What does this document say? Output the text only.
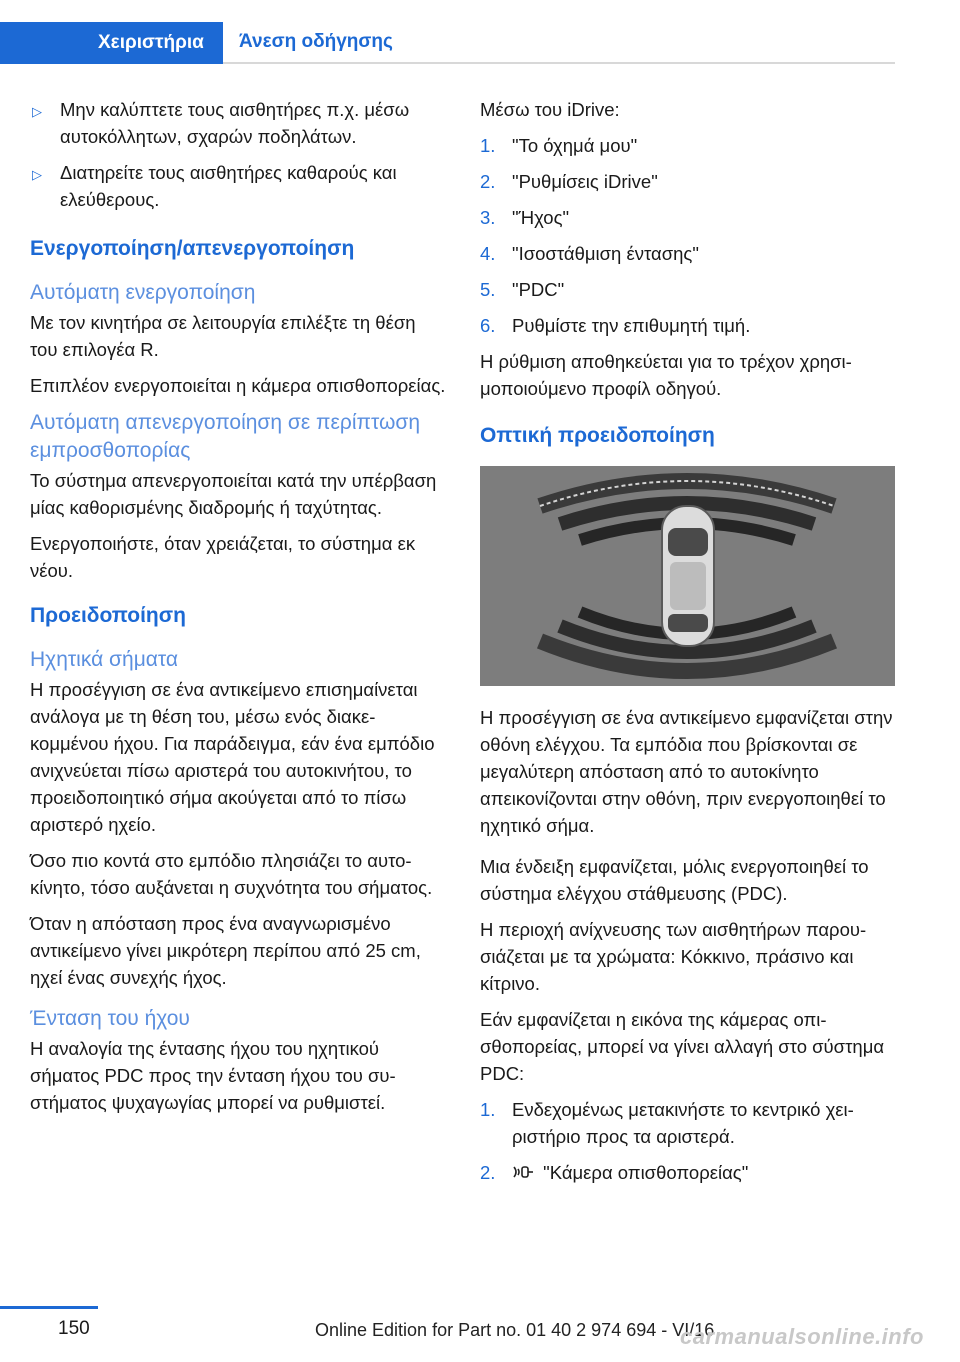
Χειριστήρια	Άνεση οδήγησης
▷ Μην καλύπτετε τους αισθητήρες π.χ. μέσω αυτοκόλλητων, σχαρών ποδηλάτων.
▷ Διατηρείτε τους αισθητήρες καθαρούς και ελεύθερους.
Ενεργοποίηση/απενεργοποίηση
Αυτόματη ενεργοποίηση

Με τον κινητήρα σε λειτουργία επιλέξτε τη θέση του επιλογέα R.

Επιπλέον ενεργοποιείται η κάμερα οπισθοπορείας.

Αυτόματη απενεργοποίηση σε περίπτωση εμπροσθοπορίας

Το σύστημα απενεργοποιείται κατά την υπέρβαση μίας καθορισμένης διαδρομής ή ταχύτητας.

Ενεργοποιήστε, όταν χρειάζεται, το σύστημα εκ νέου.

Προειδοποίηση
Ηχητικά σήματα

Η προσέγγιση σε ένα αντικείμενο επισημαίνεται ανάλογα με τη θέση του, μέσω ενός διακεκομμένου ήχου. Για παράδειγμα, εάν ένα εμπόδιο ανιχνεύεται πίσω αριστερά του αυτοκινήτου, το προειδοποιητικό σήμα ακούγεται από το πίσω αριστερό ηχείο.

Όσο πιο κοντά στο εμπόδιο πλησιάζει το αυτοκίνητο, τόσο αυξάνεται η συχνότητα του σήματος.

Όταν η απόσταση προς ένα αναγνωρισμένο αντικείμενο γίνει μικρότερη περίπου από 25 cm, ηχεί ένας συνεχής ήχος.

Ένταση του ήχου

Η αναλογία της έντασης ήχου του ηχητικού σήματος PDC προς την ένταση ήχου του συστήματος ψυχαγωγίας μπορεί να ρυθμιστεί.

Μέσω του iDrive:

1. "Το όχημά μου"
2. "Ρυθμίσεις iDrive"
3. "Ήχος"
4. "Ισοστάθμιση έντασης"
5. "PDC"
6. Ρυθμίστε την επιθυμητή τιμή.

Η ρύθμιση αποθηκεύεται για το τρέχον χρησιμοποιούμενο προφίλ οδηγού.

Οπτική προειδοποίηση

Η προσέγγιση σε ένα αντικείμενο εμφανίζεται στην οθόνη ελέγχου. Τα εμπόδια που βρίσκονται σε μεγαλύτερη απόσταση από το αυτοκίνητο απεικονίζονται στην οθόνη, πριν ενεργοποιηθεί το ηχητικό σήμα.

Μια ένδειξη εμφανίζεται, μόλις ενεργοποιηθεί το σύστημα ελέγχου στάθμευσης (PDC).

Η περιοχή ανίχνευσης των αισθητήρων παρουσιάζεται με τα χρώματα: Κόκκινο, πράσινο και κίτρινο.

Εάν εμφανίζεται η εικόνα της κάμερας οπισθοπορείας, μπορεί να γίνει αλλαγή στο σύστημα PDC:

1. Ενδεχομένως μετακινήστε το κεντρικό χειριστήριο προς τα αριστερά.
2.	"Κάμερα οπισθοπορείας"
150	Online Edition for Part no. 01 40 2 974 694 - VI/16
carmanualsonline.info
